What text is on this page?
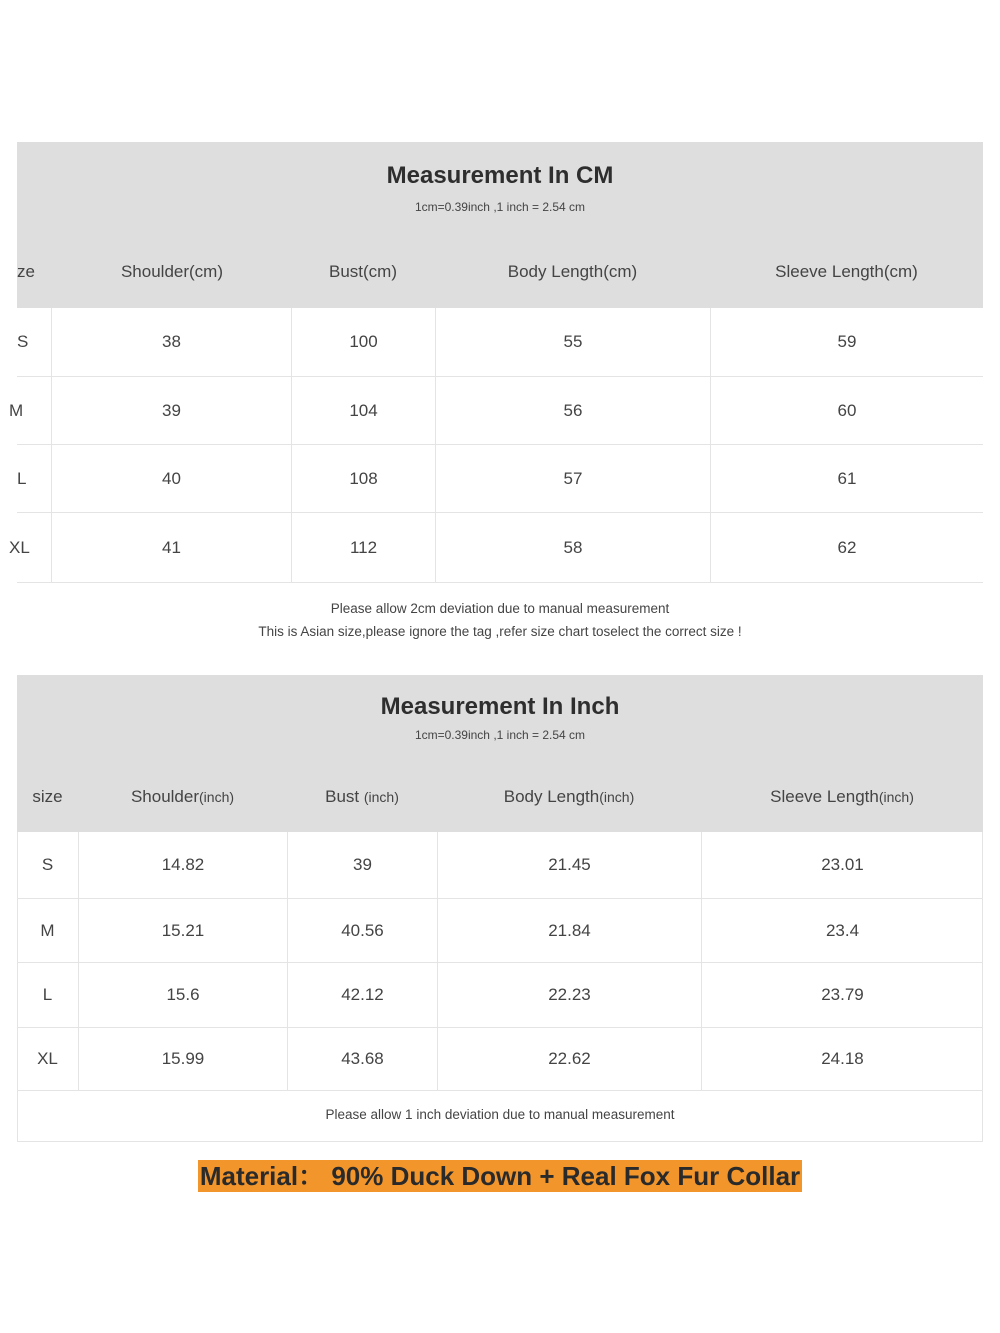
Measurement In CM
1cm=0.39inch ,1 inch = 2.54 cm
ze	Shoulder(cm)	Bust(cm)	Body Length(cm)	Sleeve Length(cm)
S	38	100	55	59
M	39	104	56	60
L	40	108	57	61
XL	41	112	58	62
Please allow 2cm deviation due to manual measurement
This is Asian size,please ignore the tag ,refer size chart toselect the correct size !
Measurement In Inch
1cm=0.39inch ,1 inch = 2.54 cm
size	Shoulder(inch)	Bust (inch)	Body Length(inch)	Sleeve Length(inch)
S	14.82	39	21.45	23.01
M	15.21	40.56	21.84	23.4
L	15.6	42.12	22.23	23.79
XL	15.99	43.68	22.62	24.18
Please allow 1 inch deviation due to manual measurement
Material： 90% Duck Down + Real Fox Fur Collar
